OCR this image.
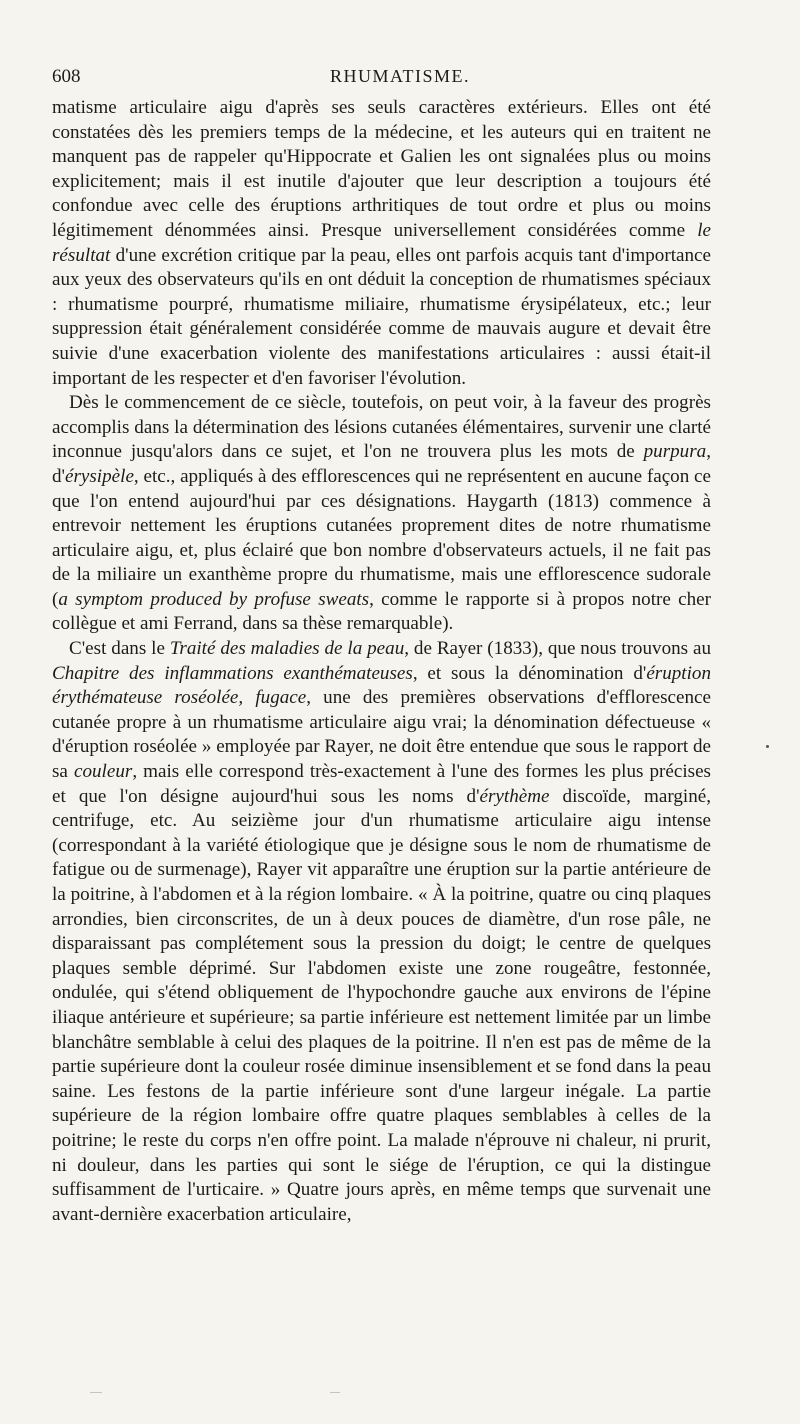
608	RHUMATISME.

matisme articulaire aigu d'après ses seuls caractères extérieurs. Elles ont été constatées dès les premiers temps de la médecine, et les auteurs qui en traitent ne manquent pas de rappeler qu'Hippocrate et Galien les ont signalées plus ou moins explicitement; mais il est inutile d'ajouter que leur description a toujours été confondue avec celle des éruptions arthritiques de tout ordre et plus ou moins légitimement dénommées ainsi. Presque universellement considérées comme le résultat d'une excrétion critique par la peau, elles ont parfois acquis tant d'importance aux yeux des observateurs qu'ils en ont déduit la conception de rhumatismes spéciaux : rhumatisme pourpré, rhumatisme miliaire, rhumatisme érysipélateux, etc.; leur suppression était généralement considérée comme de mauvais augure et devait être suivie d'une exacerbation violente des manifestations articulaires : aussi était-il important de les respecter et d'en favoriser l'évolution.

Dès le commencement de ce siècle, toutefois, on peut voir, à la faveur des progrès accomplis dans la détermination des lésions cutanées élémentaires, survenir une clarté inconnue jusqu'alors dans ce sujet, et l'on ne trouvera plus les mots de purpura, d'érysipèle, etc., appliqués à des efflorescences qui ne représentent en aucune façon ce que l'on entend aujourd'hui par ces désignations. Haygarth (1813) commence à entrevoir nettement les éruptions cutanées proprement dites de notre rhumatisme articulaire aigu, et, plus éclairé que bon nombre d'observateurs actuels, il ne fait pas de la miliaire un exanthème propre du rhumatisme, mais une efflorescence sudorale (a symptom produced by profuse sweats, comme le rapporte si à propos notre cher collègue et ami Ferrand, dans sa thèse remarquable).

C'est dans le Traité des maladies de la peau, de Rayer (1833), que nous trouvons au Chapitre des inflammations exanthémateuses, et sous la dénomination d'éruption érythémateuse roséolée, fugace, une des premières observations d'efflorescence cutanée propre à un rhumatisme articulaire aigu vrai; la dénomination défectueuse « d'éruption roséolée » employée par Rayer, ne doit être entendue que sous le rapport de sa couleur, mais elle correspond très-exactement à l'une des formes les plus précises et que l'on désigne aujourd'hui sous les noms d'érythème discoïde, marginé, centrifuge, etc. Au seizième jour d'un rhumatisme articulaire aigu intense (correspondant à la variété étiologique que je désigne sous le nom de rhumatisme de fatigue ou de surmenage), Rayer vit apparaître une éruption sur la partie antérieure de la poitrine, à l'abdomen et à la région lombaire. « À la poitrine, quatre ou cinq plaques arrondies, bien circonscrites, de un à deux pouces de diamètre, d'un rose pâle, ne disparaissant pas complétement sous la pression du doigt; le centre de quelques plaques semble déprimé. Sur l'abdomen existe une zone rougeâtre, festonnée, ondulée, qui s'étend obliquement de l'hypochondre gauche aux environs de l'épine iliaque antérieure et supérieure; sa partie inférieure est nettement limitée par un limbe blanchâtre semblable à celui des plaques de la poitrine. Il n'en est pas de même de la partie supérieure dont la couleur rosée diminue insensiblement et se fond dans la peau saine. Les festons de la partie inférieure sont d'une largeur inégale. La partie supérieure de la région lombaire offre quatre plaques semblables à celles de la poitrine; le reste du corps n'en offre point. La malade n'éprouve ni chaleur, ni prurit, ni douleur, dans les parties qui sont le siége de l'éruption, ce qui la distingue suffisamment de l'urticaire. » Quatre jours après, en même temps que survenait une avant-dernière exacerbation articulaire,
